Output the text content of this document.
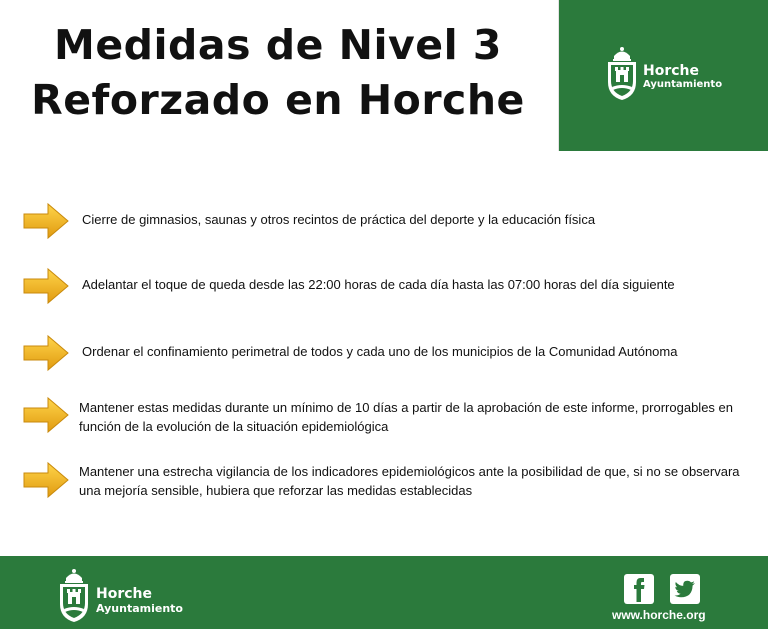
Medidas de Nivel 3
Reforzado en Horche
Horche
Ayuntamiento
Cierre de gimnasios, saunas y otros recintos de práctica del deporte y la educación física
Adelantar el toque de queda desde las 22:00 horas de cada día hasta las 07:00 horas del día siguiente
Ordenar el confinamiento perimetral de todos y cada uno de los municipios de la Comunidad Autónoma
Mantener estas medidas durante un mínimo de 10 días a partir de la aprobación de este informe, prorrogables en
función de la evolución de la situación epidemiológica
Mantener una estrecha vigilancia de los indicadores epidemiológicos ante la posibilidad de que, si no se observara
una mejoría sensible, hubiera que reforzar las medidas establecidas
Horche
Ayuntamiento	www.horche.org
